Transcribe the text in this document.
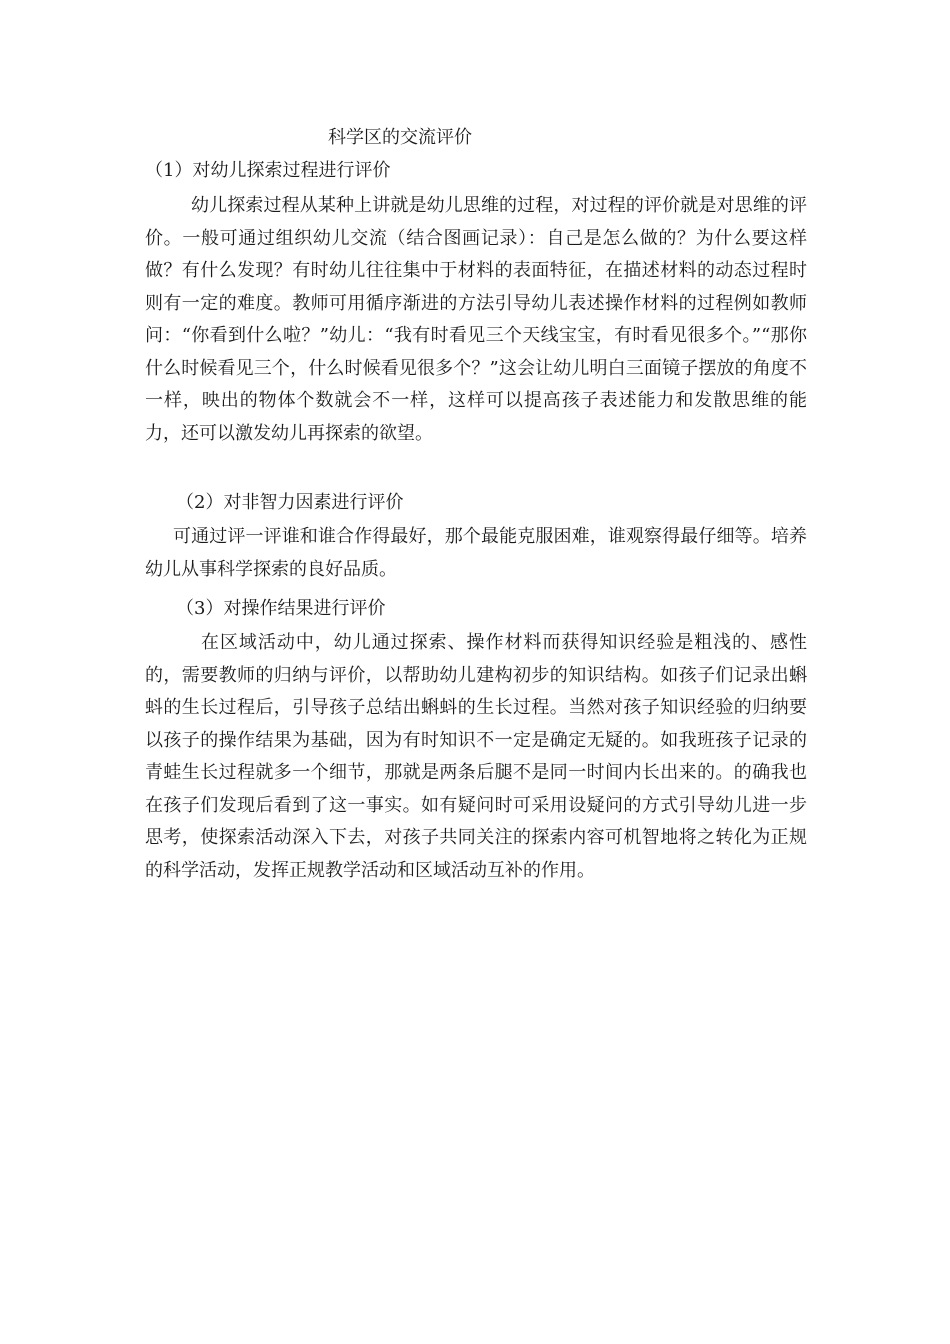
科学区的交流评价
（1）对幼儿探索过程进行评价

幼儿探索过程从某种上讲就是幼儿思维的过程，对过程的评价就是对思维的评价。一般可通过组织幼儿交流（结合图画记录）：自己是怎么做的？为什么要这样做？有什么发现？有时幼儿往往集中于材料的表面特征，在描述材料的动态过程时则有一定的难度。教师可用循序渐进的方法引导幼儿表述操作材料的过程例如教师问：“你看到什么啦？”幼儿：“我有时看见三个天线宝宝，有时看见很多个。”“那你什么时候看见三个，什么时候看见很多个？”这会让幼儿明白三面镜子摆放的角度不一样，映出的物体个数就会不一样，这样可以提高孩子表述能力和发散思维的能力，还可以激发幼儿再探索的欲望。

（2）对非智力因素进行评价

可通过评一评谁和谁合作得最好，那个最能克服困难，谁观察得最仔细等。培养幼儿从事科学探索的良好品质。

（3）对操作结果进行评价

在区域活动中，幼儿通过探索、操作材料而获得知识经验是粗浅的、感性的，需要教师的归纳与评价，以帮助幼儿建构初步的知识结构。如孩子们记录出蝌蚪的生长过程后，引导孩子总结出蝌蚪的生长过程。当然对孩子知识经验的归纳要以孩子的操作结果为基础，因为有时知识不一定是确定无疑的。如我班孩子记录的青蛙生长过程就多一个细节，那就是两条后腿不是同一时间内长出来的。的确我也在孩子们发现后看到了这一事实。如有疑问时可采用设疑问的方式引导幼儿进一步思考，使探索活动深入下去，对孩子共同关注的探索内容可机智地将之转化为正规的科学活动，发挥正规教学活动和区域活动互补的作用。
